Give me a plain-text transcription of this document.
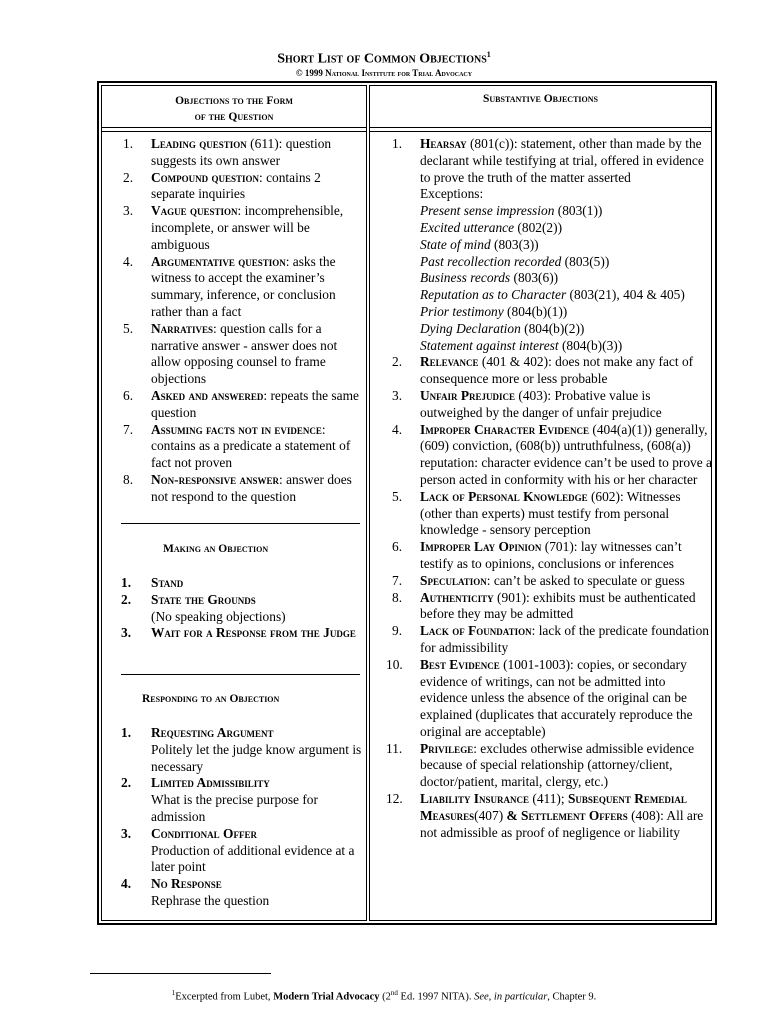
Short List of Common Objections$^1$
© 1999 National Institute for Trial Advocacy
Objections to the Form
of the Question
1. Leading question (611): question suggests its own answer
2. Compound question: contains 2 separate inquiries
3. Vague question: incomprehensible, incomplete, or answer will be ambiguous
4. Argumentative question: asks the witness to accept the examiner’s summary, inference, or conclusion rather than a fact
5. Narratives: question calls for a narrative answer - answer does not allow opposing counsel to frame objections
6. Asked and answered: repeats the same question
7. Assuming facts not in evidence: contains as a predicate a statement of fact not proven
8. Non-responsive answer: answer does not respond to the question
Making an Objection
1. Stand
2. State the Grounds
(No speaking objections)
3. Wait for a Response from the Judge
Responding to an Objection
1. Requesting Argument
Politely let the judge know argument is necessary
2. Limited Admissibility
What is the precise purpose for admission
3. Conditional Offer
Production of additional evidence at a later point
4. No Response
Rephrase the question
Substantive Objections
1. Hearsay (801(c)): statement, other than made by the declarant while testifying at trial, offered in evidence to prove the truth of the matter asserted
Exceptions:
Present sense impression (803(1))
Excited utterance (802(2))
State of mind (803(3))
Past recollection recorded (803(5))
Business records (803(6))
Reputation as to Character (803(21), 404 & 405)
Prior testimony (804(b)(1))
Dying Declaration (804(b)(2))
Statement against interest (804(b)(3))
2. Relevance (401 & 402): does not make any fact of consequence more or less probable
3. Unfair Prejudice (403): Probative value is outweighed by the danger of unfair prejudice
4. Improper Character Evidence (404(a)(1)) generally, (609) conviction, (608(b)) untruthfulness, (608(a)) reputation: character evidence can’t be used to prove a person acted in conformity with his or her character
5. Lack of Personal Knowledge (602): Witnesses (other than experts) must testify from personal knowledge - sensory perception
6. Improper Lay Opinion (701): lay witnesses can’t testify as to opinions, conclusions or inferences
7. Speculation: can’t be asked to speculate or guess
8. Authenticity (901): exhibits must be authenticated before they may be admitted
9. Lack of Foundation: lack of the predicate foundation for admissibility
10. Best Evidence (1001-1003): copies, or secondary evidence of writings, can not be admitted into evidence unless the absence of the original can be explained (duplicates that accurately reproduce the original are acceptable)
11. Privilege: excludes otherwise admissible evidence because of special relationship (attorney/client, doctor/patient, marital, clergy, etc.)
12. Liability Insurance (411); Subsequent Remedial Measures(407) & Settlement Offers (408): All are not admissible as proof of negligence or liability
$^1$Excerpted from Lubet, Modern Trial Advocacy (2nd Ed. 1997 NITA). See, in particular, Chapter 9.
